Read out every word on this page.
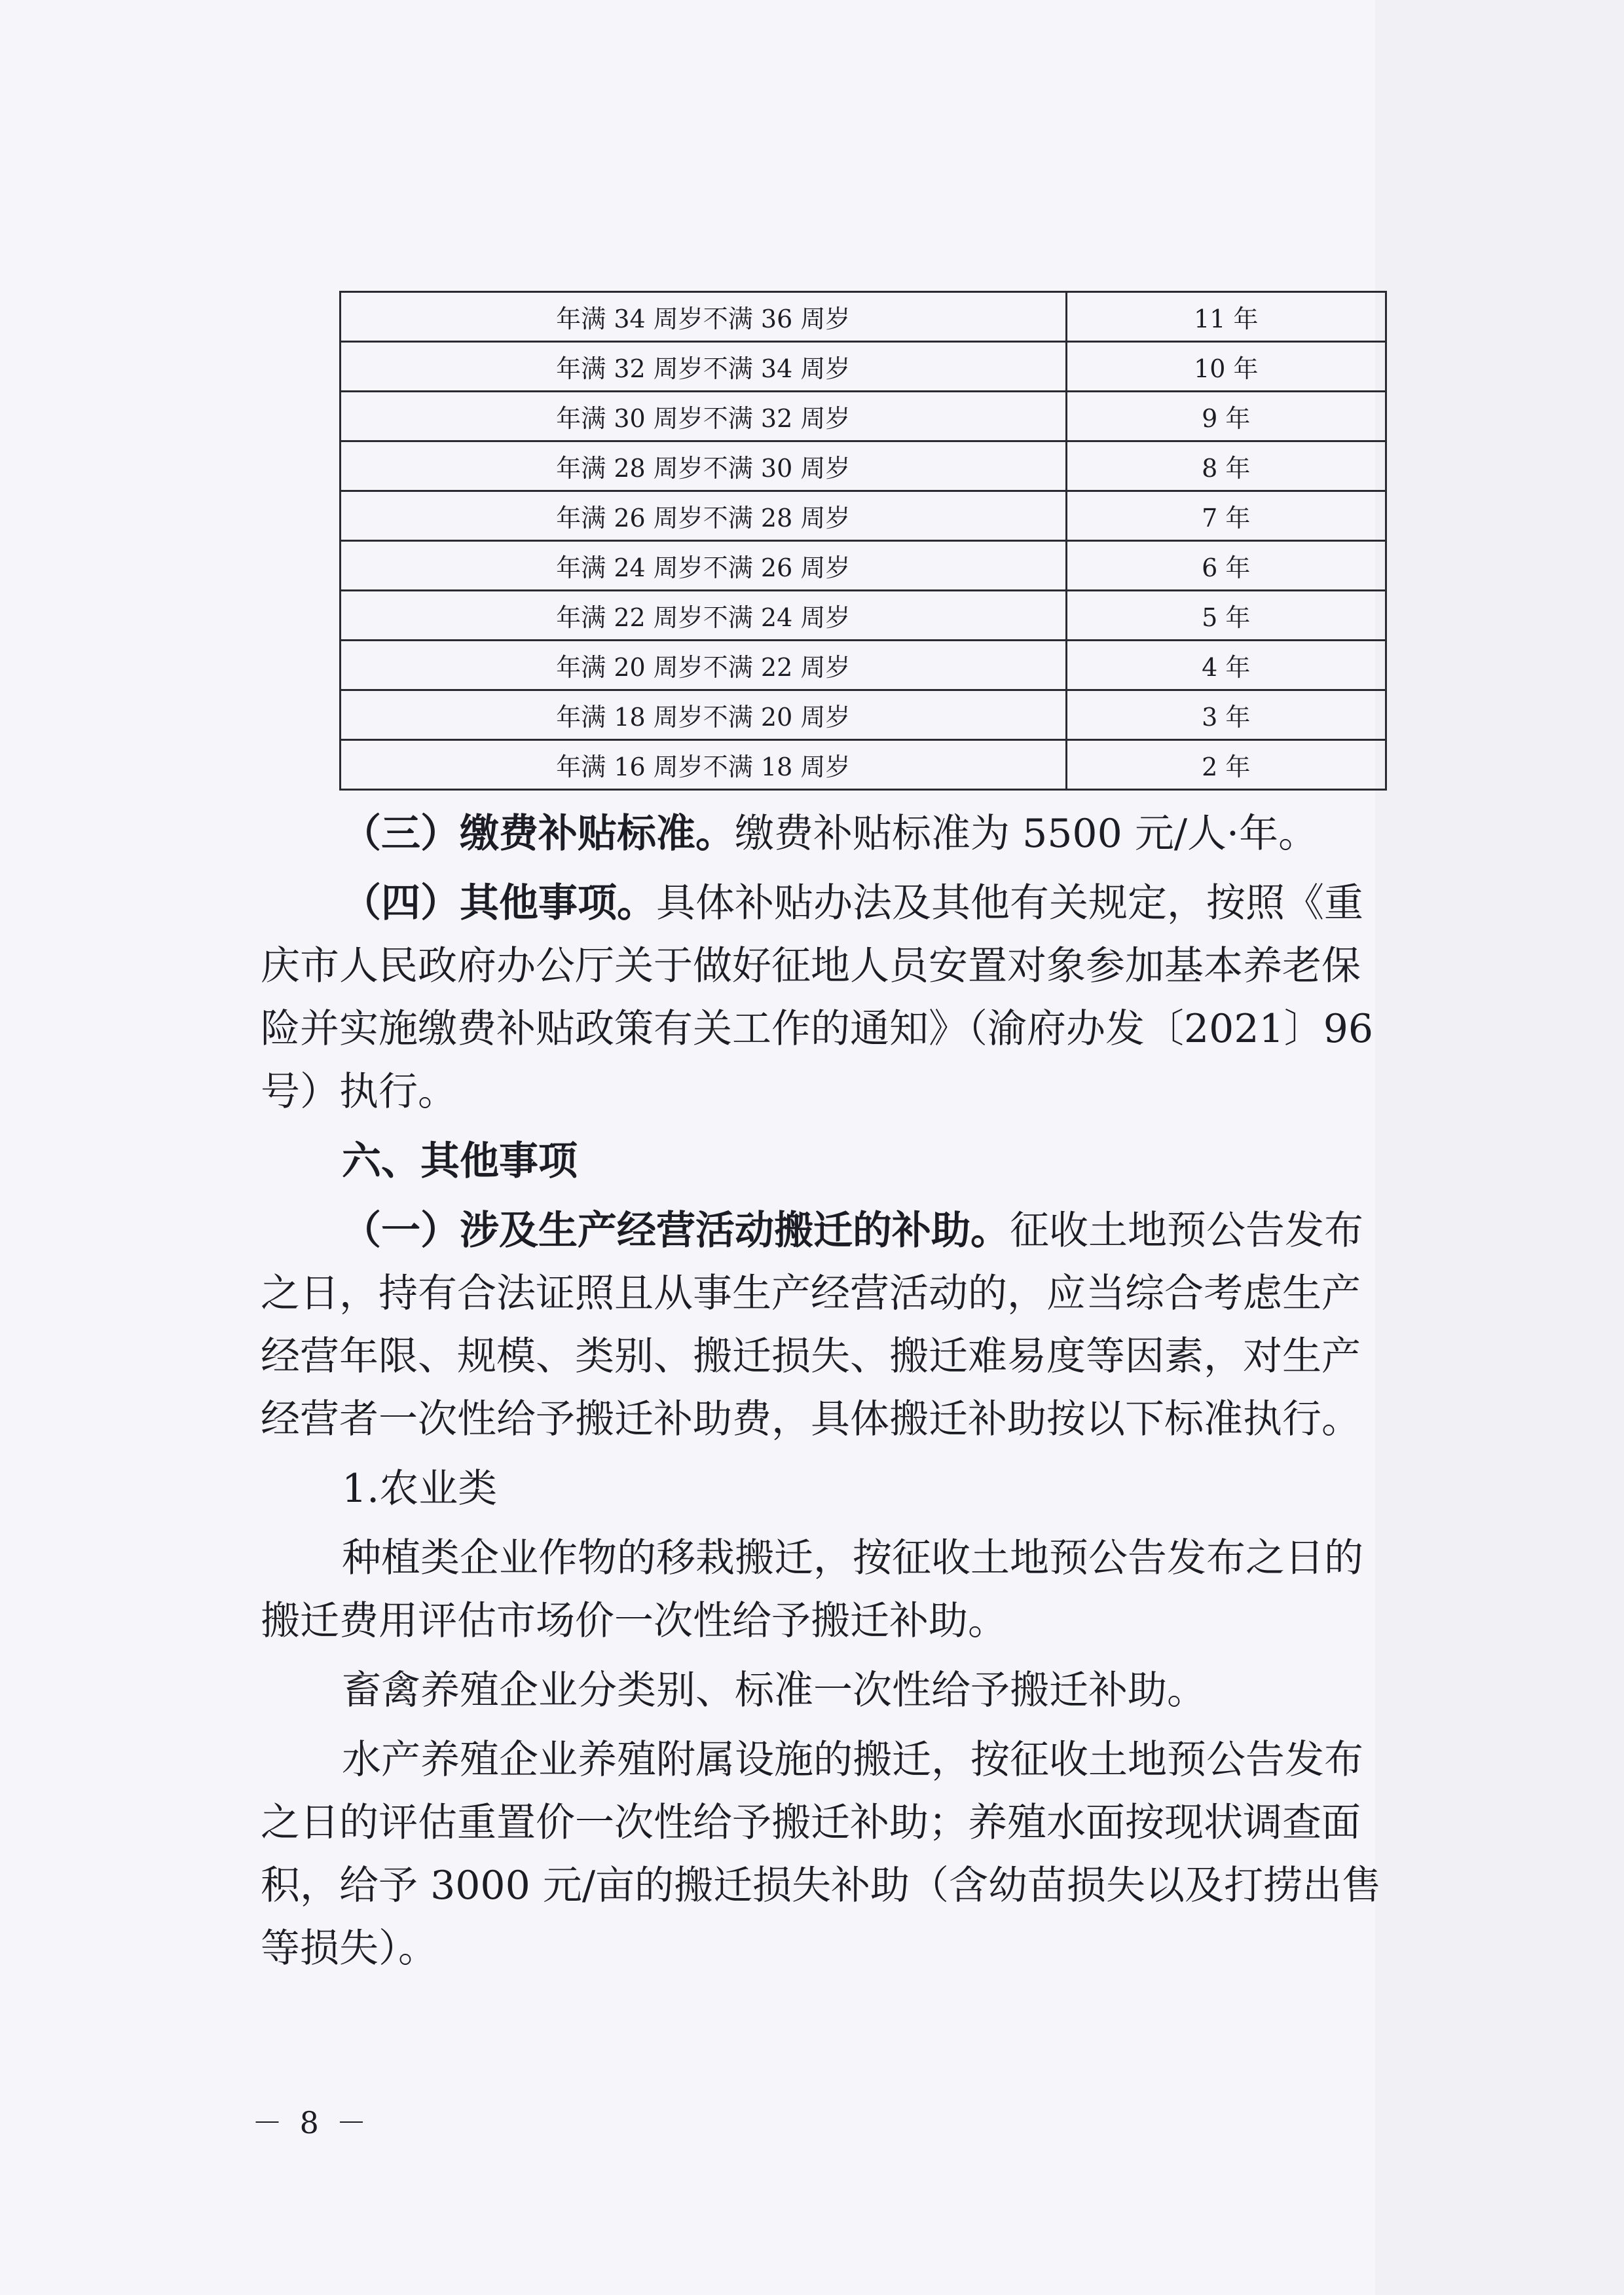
年满 34 周岁不满 36 周岁	11 年
年满 32 周岁不满 34 周岁	10 年
年满 30 周岁不满 32 周岁	9 年
年满 28 周岁不满 30 周岁	8 年
年满 26 周岁不满 28 周岁	7 年
年满 24 周岁不满 26 周岁	6 年
年满 22 周岁不满 24 周岁	5 年
年满 20 周岁不满 22 周岁	4 年
年满 18 周岁不满 20 周岁	3 年
年满 16 周岁不满 18 周岁	2 年
（三）缴费补贴标准。缴费补贴标准为 5500 元/人·年。
（四）其他事项。具体补贴办法及其他有关规定，按照《重
庆市人民政府办公厅关于做好征地人员安置对象参加基本养老保
险并实施缴费补贴政策有关工作的通知》（渝府办发〔2021〕96
号）执行。
六、其他事项
（一）涉及生产经营活动搬迁的补助。征收土地预公告发布
之日，持有合法证照且从事生产经营活动的，应当综合考虑生产
经营年限、规模、类别、搬迁损失、搬迁难易度等因素，对生产
经营者一次性给予搬迁补助费，具体搬迁补助按以下标准执行。
1.农业类
种植类企业作物的移栽搬迁，按征收土地预公告发布之日的
搬迁费用评估市场价一次性给予搬迁补助。
畜禽养殖企业分类别、标准一次性给予搬迁补助。
水产养殖企业养殖附属设施的搬迁，按征收土地预公告发布
之日的评估重置价一次性给予搬迁补助；养殖水面按现状调查面
积，给予 3000 元/亩的搬迁损失补助（含幼苗损失以及打捞出售
等损失）。
－ 8 －
